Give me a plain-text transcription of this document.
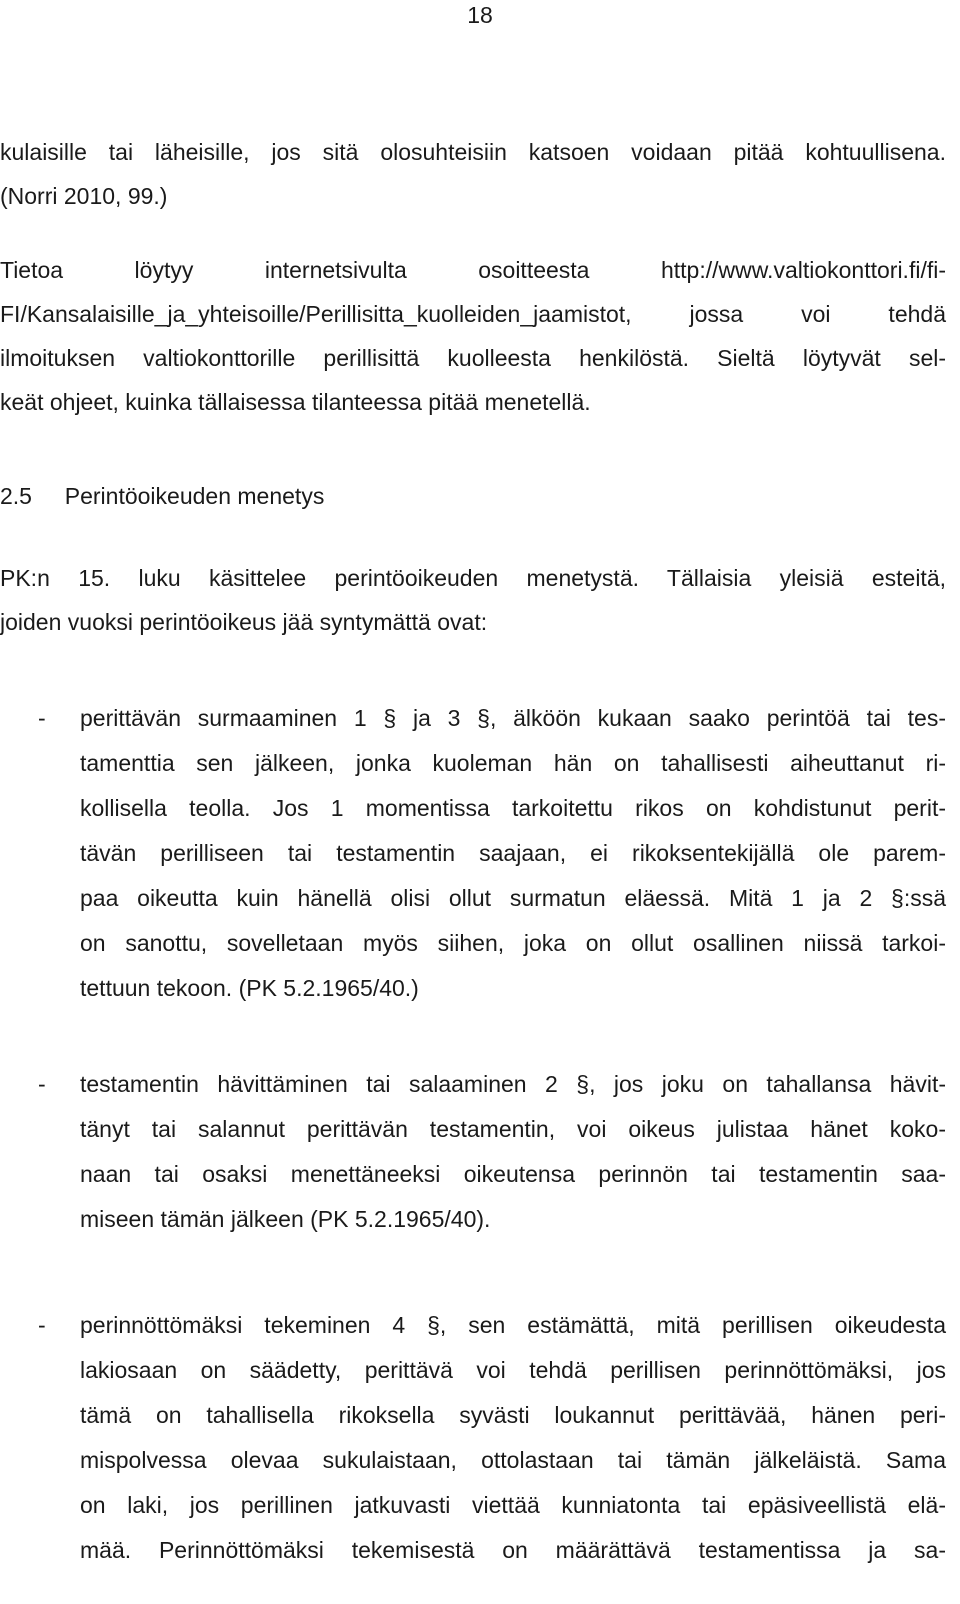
18

kulaisille tai läheisille, jos sitä olosuhteisiin katsoen voidaan pitää kohtuullisena.

(Norri 2010, 99.)

Tietoa löytyy internetsivulta osoitteesta http://www.valtiokonttori.fi/fi-

FI/Kansalaisille_ja_yhteisoille/Perillisitta_kuolleiden_jaamistot, jossa voi tehdä

ilmoituksen valtiokonttorille perillisittä kuolleesta henkilöstä. Sieltä löytyvät sel-

keät ohjeet, kuinka tällaisessa tilanteessa pitää menetellä.

2.5 Perintöoikeuden menetys

PK:n 15. luku käsittelee perintöoikeuden menetystä. Tällaisia yleisiä esteitä,

joiden vuoksi perintöoikeus jää syntymättä ovat:

- perittävän surmaaminen 1 § ja 3 §, älköön kukaan saako perintöä tai tes-

tamenttia sen jälkeen, jonka kuoleman hän on tahallisesti aiheuttanut ri-

kollisella teolla. Jos 1 momentissa tarkoitettu rikos on kohdistunut perit-

tävän perilliseen tai testamentin saajaan, ei rikoksentekijällä ole parem-

paa oikeutta kuin hänellä olisi ollut surmatun eläessä. Mitä 1 ja 2 §:ssä

on sanottu, sovelletaan myös siihen, joka on ollut osallinen niissä tarkoi-

tettuun tekoon. (PK 5.2.1965/40.)

- testamentin hävittäminen tai salaaminen 2 §, jos joku on tahallansa hävit-

tänyt tai salannut perittävän testamentin, voi oikeus julistaa hänet koko-

naan tai osaksi menettäneeksi oikeutensa perinnön tai testamentin saa-

miseen tämän jälkeen (PK 5.2.1965/40).

- perinnöttömäksi tekeminen 4 §, sen estämättä, mitä perillisen oikeudesta

lakiosaan on säädetty, perittävä voi tehdä perillisen perinnöttömäksi, jos

tämä on tahallisella rikoksella syvästi loukannut perittävää, hänen peri-

mispolvessa olevaa sukulaistaan, ottolastaan tai tämän jälkeläistä. Sama

on laki, jos perillinen jatkuvasti viettää kunniatonta tai epäsiveellistä elä-

mää. Perinnöttömäksi tekemisestä on määrättävä testamentissa ja sa-
